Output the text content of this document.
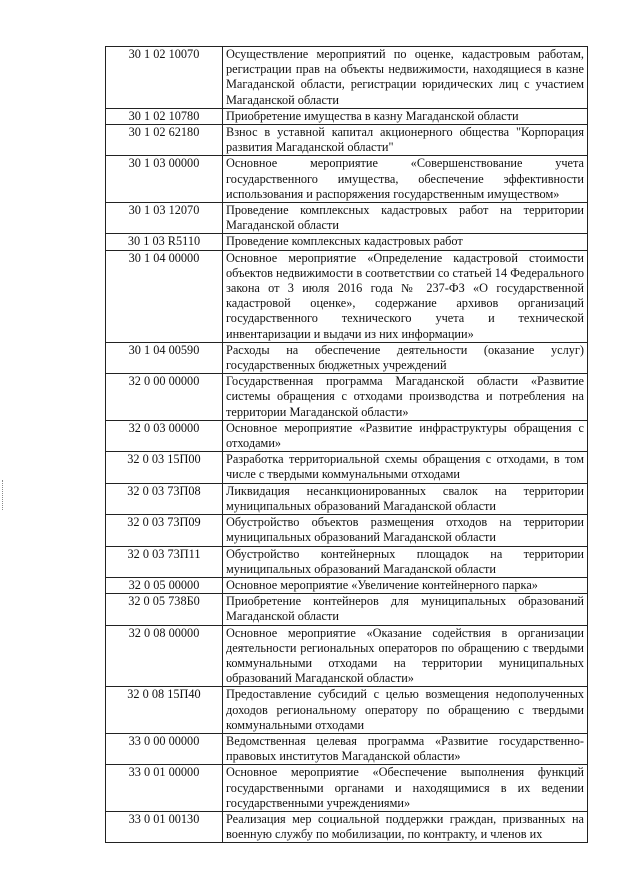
30 1 02 10070	Осуществление мероприятий по оценке, кадастровым работам, регистрации прав на объекты недвижимости, находящиеся в казне Магаданской области, регистрации юридических лиц с участием Магаданской области
30 1 02 10780	Приобретение имущества в казну Магаданской области
30 1 02 62180	Взнос в уставной капитал акционерного общества "Корпорация развития Магаданской области"
30 1 03 00000	Основное мероприятие «Совершенствование учета государственного имущества, обеспечение эффективности использования и распоряжения государственным имуществом»
30 1 03 12070	Проведение комплексных кадастровых работ на территории Магаданской области
30 1 03 R5110	Проведение комплексных кадастровых работ
30 1 04 00000	Основное мероприятие «Определение кадастровой стоимости объектов недвижимости в соответствии со статьей 14 Федерального закона от 3 июля 2016 года № 237-ФЗ «О государственной кадастровой оценке», содержание архивов организаций государственного технического учета и технической инвентаризации и выдачи из них информации»
30 1 04 00590	Расходы на обеспечение деятельности (оказание услуг) государственных бюджетных учреждений
32 0 00 00000	Государственная программа Магаданской области «Развитие системы обращения с отходами производства и потребления на территории Магаданской области»
32 0 03 00000	Основное мероприятие «Развитие инфраструктуры обращения с отходами»
32 0 03 15П00	Разработка территориальной схемы обращения с отходами, в том числе с твердыми коммунальными отходами
32 0 03 73П08	Ликвидация несанкционированных свалок на территории муниципальных образований Магаданской области
32 0 03 73П09	Обустройство объектов размещения отходов на территории муниципальных образований Магаданской области
32 0 03 73П11	Обустройство контейнерных площадок на территории муниципальных образований Магаданской области
32 0 05 00000	Основное мероприятие «Увеличение контейнерного парка»
32 0 05 738Б0	Приобретение контейнеров для муниципальных образований Магаданской области
32 0 08 00000	Основное мероприятие «Оказание содействия в организации деятельности региональных операторов по обращению с твердыми коммунальными отходами на территории муниципальных образований Магаданской области»
32 0 08 15П40	Предоставление субсидий с целью возмещения недополученных доходов региональному оператору по обращению с твердыми коммунальными отходами
33 0 00 00000	Ведомственная целевая программа «Развитие государственно-правовых институтов Магаданской области»
33 0 01 00000	Основное мероприятие «Обеспечение выполнения функций государственными органами и находящимися в их ведении государственными учреждениями»
33 0 01 00130	Реализация мер социальной поддержки граждан, призванных на военную службу по мобилизации, по контракту, и членов их
